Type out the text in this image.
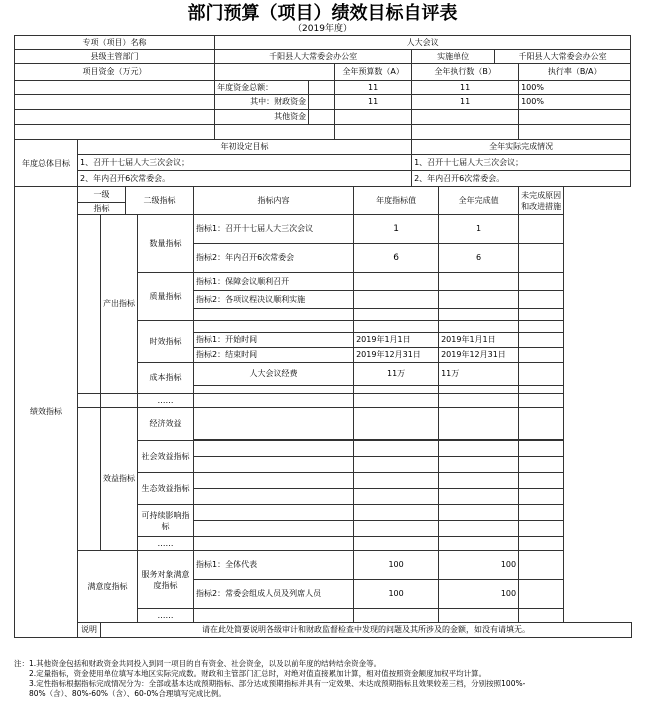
部门预算（项目）绩效目标自评表
（2019年度）
专项（项目）名称						人大会议							
县级主管部门						千阳县人大常委会办公室				实施单位		千阳县人大常委会办公室	
项目资金（万元）								全年预算数（A）		全年执行数（B）			执行率（B/A）
						年度资金总额：		11		11			100%
						其中：财政资金		11		11			100%
						其他资金							

年度总体目标	年初设定目标									全年实际完成情况			
	1、召开十七届人大三次会议；									1、召开十七届人大三次会议；			
	2、年内召开6次常委会。									2、年内召开6次常委会。			
绩效指标	一级		二级指标		指标内容				年度指标值		全年完成值		未完成原因和改进措施
	指标												
		产出指标		数量指标	指标1：召开十七届人大三次会议				1		1		
					指标2：年内召开6次常委会				6		6		
				质量指标	指标1：保障会议顺利召开								
					指标2：各项议程决议顺利实施								

				时效指标									
					指标1：开始时间				2019年1月1日		2019年1月1日		
					指标2：结束时间				2019年12月31日		2019年12月31日		
				成本指标	人大会议经费				11万		11万		

				……									
		效益指标		经济效益									

				社会效益指标									

				生态效益指标									

				可持续影响指标									

				……									
	满意度指标			服务对象满意度指标	指标1：全体代表				100		100		
					指标2：常委会组成人员及列席人员				100		100		
				……									
	说明	请在此处简要说明各级审计和财政监督检查中发现的问题及其所涉及的金额，如没有请填无。											
注：1.其他资金包括和财政资金共同投入到同一项目的自有资金、社会资金，以及以前年度的结转结余资金等。
　　2.定量指标，资金使用单位填写本地区实际完成数。财政和主管部门汇总时，对绝对值直接累加计算，相对值按照资金额度加权平均计算。
　　3.定性指标根据指标完成情况分为：全部或基本达成预期指标、部分达成预期指标并具有一定效果、未达成预期指标且效果较差三档，分别按照100%-
　　80%（含）、80%-60%（含）、60-0%合理填写完成比例。
